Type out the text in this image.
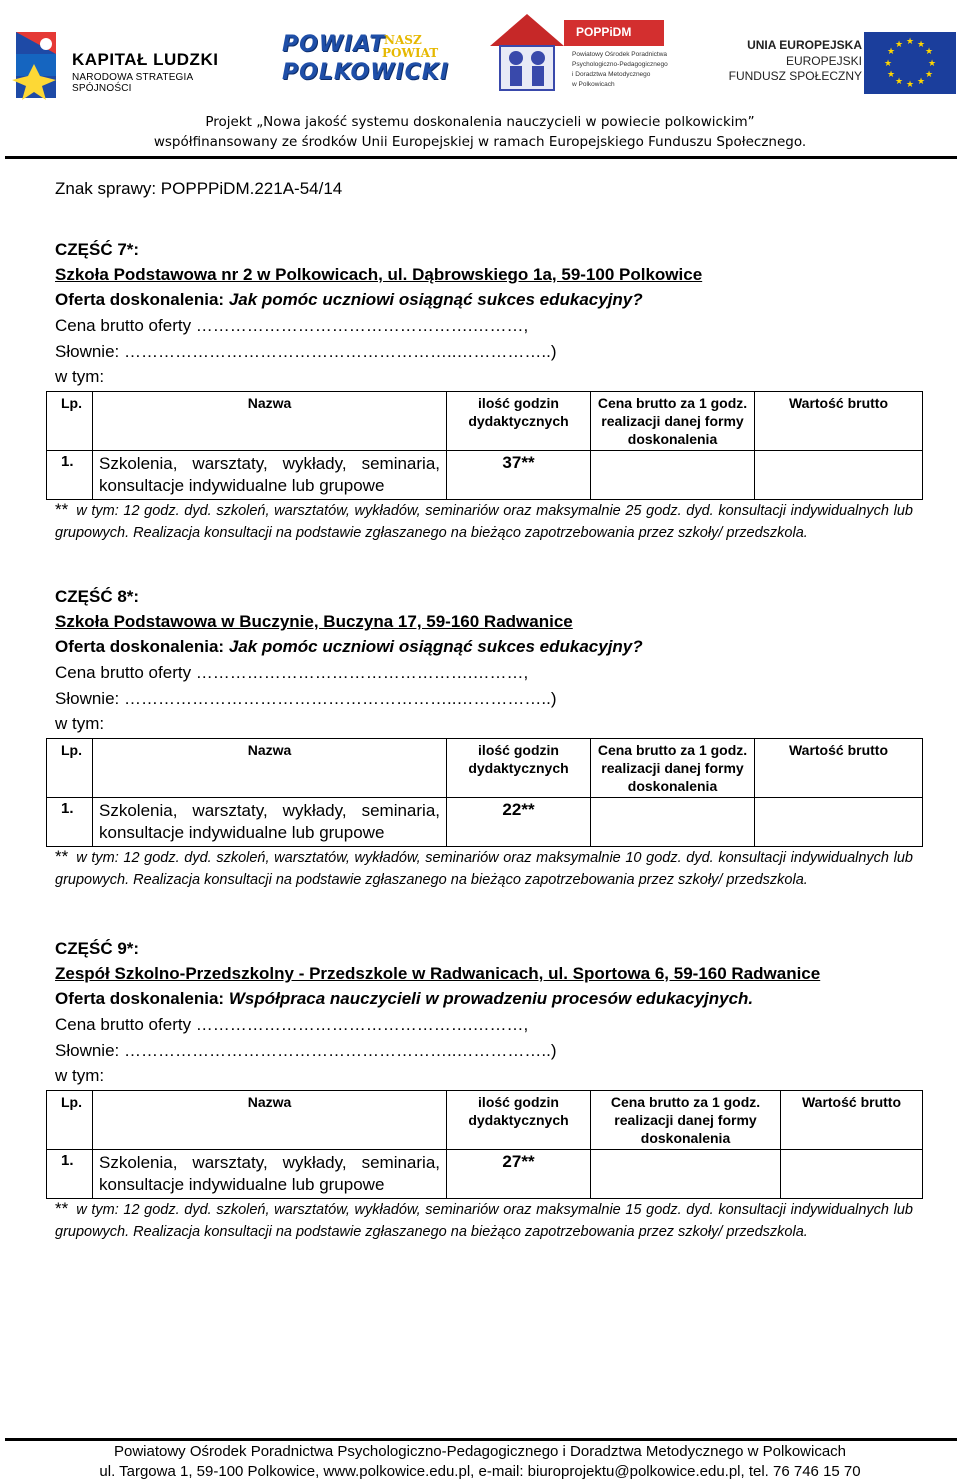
KAPITAŁ LUDZKI
NARODOWA STRATEGIA SPÓJNOŚCI
POWIAT
POLKOWICKI
NASZ
POWIAT
POPPiDM
Powiatowy Ośrodek Poradnictwa
Psychologiczno-Pedagogicznego
i Doradztwa Metodycznego
w Polkowicach
UNIA EUROPEJSKA
EUROPEJSKI
FUNDUSZ SPOŁECZNY
★ ★
★
★
★
★
★
★
★
★
★
★
Projekt „Nowa jakość systemu doskonalenia nauczycieli w powiecie polkowickim”
współfinansowany ze środków Unii Europejskiej w ramach Europejskiego Funduszu Społecznego.
Znak sprawy: POPPPiDM.221A-54/14
CZĘŚĆ 7*:
Szkoła Podstawowa nr 2 w Polkowicach, ul. Dąbrowskiego 1a, 59-100 Polkowice
Oferta doskonalenia: Jak pomóc uczniowi osiągnąć sukces edukacyjny?
Cena brutto oferty ………………………………………….………,
Słownie: …………………………………………………..……………..)
w tym:
Lp.	Nazwa	ilość godzin dydaktycznych	Cena brutto za 1 godz. realizacji danej formy doskonalenia	Wartość brutto
1.	Szkolenia, warsztaty, wykłady, seminaria, konsultacje indywidualne lub grupowe	37**		
** w tym: 12 godz. dyd. szkoleń, warsztatów, wykładów, seminariów oraz maksymalnie 25 godz. dyd. konsultacji indywidualnych lub grupowych. Realizacja konsultacji na podstawie zgłaszanego na bieżąco zapotrzebowania przez szkoły/ przedszkola.
CZĘŚĆ 8*:
Szkoła Podstawowa w Buczynie, Buczyna 17, 59-160 Radwanice
Oferta doskonalenia: Jak pomóc uczniowi osiągnąć sukces edukacyjny?
Cena brutto oferty ………………………………………….………,
Słownie: …………………………………………………..……………..)
w tym:
Lp.	Nazwa	ilość godzin dydaktycznych	Cena brutto za 1 godz. realizacji danej formy doskonalenia	Wartość brutto
1.	Szkolenia, warsztaty, wykłady, seminaria, konsultacje indywidualne lub grupowe	22**		
** w tym: 12 godz. dyd. szkoleń, warsztatów, wykładów, seminariów oraz maksymalnie 10 godz. dyd. konsultacji indywidualnych lub grupowych. Realizacja konsultacji na podstawie zgłaszanego na bieżąco zapotrzebowania przez szkoły/ przedszkola.
CZĘŚĆ 9*:
Zespół Szkolno-Przedszkolny - Przedszkole w Radwanicach, ul. Sportowa 6, 59-160 Radwanice
Oferta doskonalenia: Współpraca nauczycieli w prowadzeniu procesów edukacyjnych.
Cena brutto oferty ………………………………………….………,
Słownie: …………………………………………………..……………..)
w tym:
Lp.	Nazwa	ilość godzin dydaktycznych	Cena brutto za 1 godz. realizacji danej formy doskonalenia	Wartość brutto
1.	Szkolenia, warsztaty, wykłady, seminaria, konsultacje indywidualne lub grupowe	27**		
** w tym: 12 godz. dyd. szkoleń, warsztatów, wykładów, seminariów oraz maksymalnie 15 godz. dyd. konsultacji indywidualnych lub grupowych. Realizacja konsultacji na podstawie zgłaszanego na bieżąco zapotrzebowania przez szkoły/ przedszkola.
Powiatowy Ośrodek Poradnictwa Psychologiczno-Pedagogicznego i Doradztwa Metodycznego w Polkowicach
ul. Targowa 1, 59-100 Polkowice, www.polkowice.edu.pl, e-mail: biuroprojektu@polkowice.edu.pl, tel. 76 746 15 70
